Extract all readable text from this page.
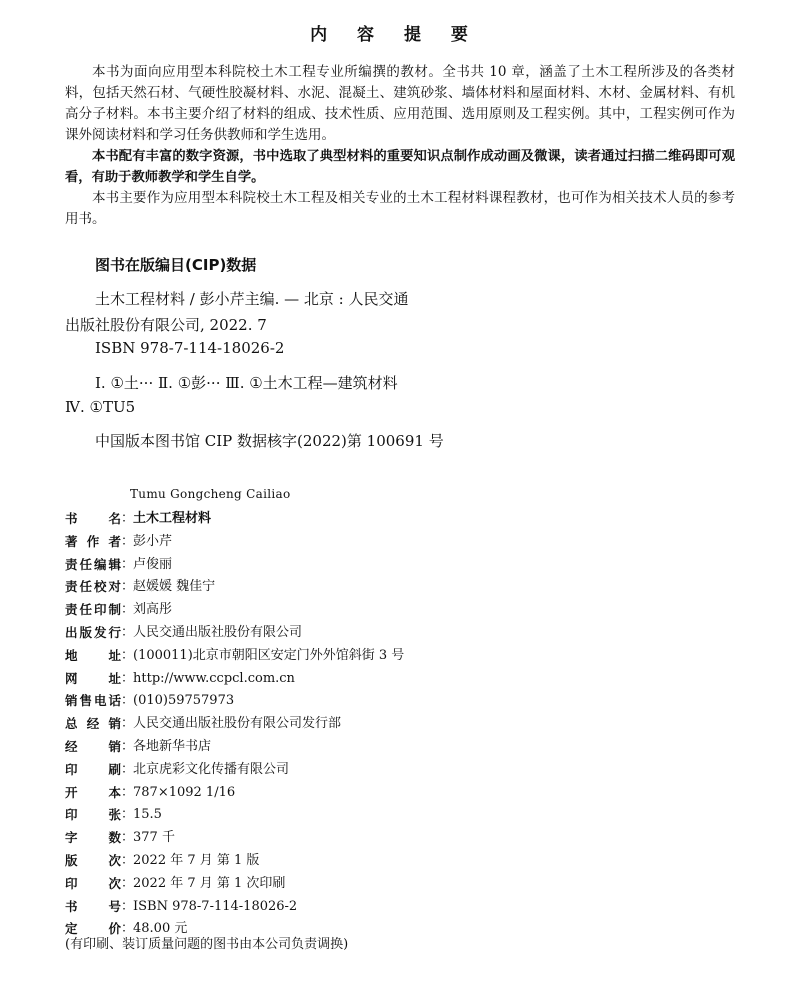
内 容 提 要
本书为面向应用型本科院校土木工程专业所编撰的教材。全书共 10 章，涵盖了土木工程所涉及的各类材料，包括天然石材、气硬性胶凝材料、水泥、混凝土、建筑砂浆、墙体材料和屋面材料、木材、金属材料、有机高分子材料。本书主要介绍了材料的组成、技术性质、应用范围、选用原则及工程实例。其中，工程实例可作为课外阅读材料和学习任务供教师和学生选用。
本书配有丰富的数字资源，书中选取了典型材料的重要知识点制作成动画及微课，读者通过扫描二维码即可观看，有助于教师教学和学生自学。
本书主要作为应用型本科院校土木工程及相关专业的土木工程材料课程教材，也可作为相关技术人员的参考用书。
图书在版编目(CIP)数据
土木工程材料 / 彭小芹主编. — 北京 : 人民交通
出版社股份有限公司, 2022. 7
ISBN 978-7-114-18026-2
Ⅰ. ①土··· Ⅱ. ①彭··· Ⅲ. ①土木工程—建筑材料
Ⅳ. ①TU5
中国版本图书馆 CIP 数据核字(2022)第 100691 号
Tumu Gongcheng Cailiao
书名 ：
土木工程材料
著作者 ：
彭小芹
责任编辑 ：
卢俊丽
责任校对 ：
赵媛媛 魏佳宁
责任印制 ：
刘高彤
出版发行 ：
人民交通出版社股份有限公司
地址 ：
(100011)北京市朝阳区安定门外外馆斜街 3 号
网址 ：
http://www.ccpcl.com.cn
销售电话 ：
(010)59757973
总经销 ：
人民交通出版社股份有限公司发行部
经销 ：
各地新华书店
印刷 ：
北京虎彩文化传播有限公司
开本 ：
787×1092 1/16
印张 ：
15.5
字数 ：
377 千
版次 ：
2022 年 7 月 第 1 版
印次 ：
2022 年 7 月 第 1 次印刷
书号 ：
ISBN 978-7-114-18026-2
定价 ：
48.00 元
(有印刷、装订质量问题的图书由本公司负责调换)
